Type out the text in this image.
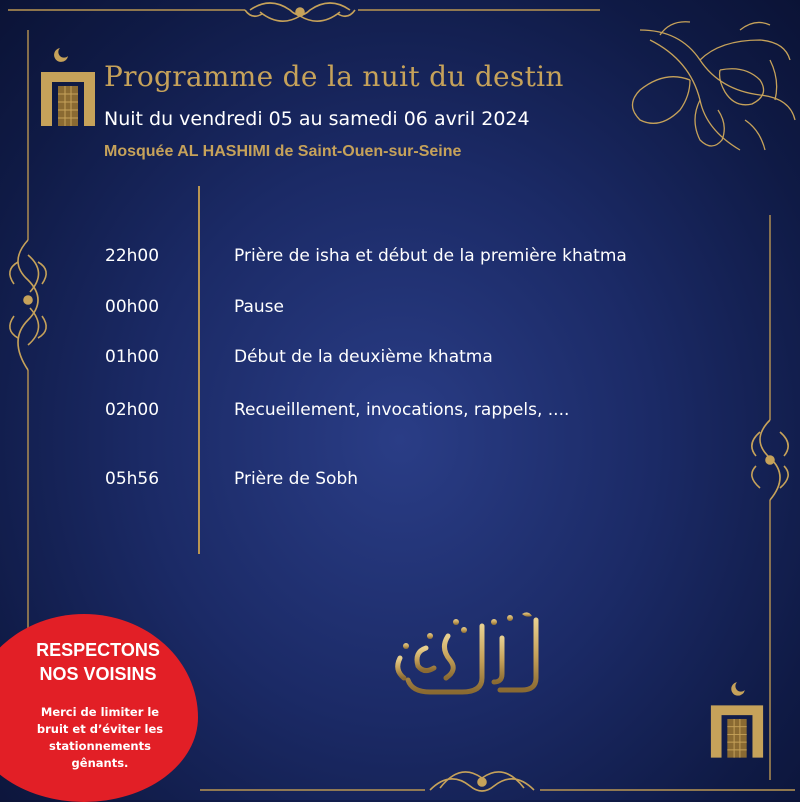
Programme de la nuit du destin
Nuit du vendredi 05 au samedi 06 avril 2024
Mosquée AL HASHIMI de Saint-Ouen-sur-Seine
22h00	Prière de isha et début de la première khatma
00h00	Pause
01h00	Début de la deuxième khatma
02h00	Recueillement, invocations, rappels, ....
05h56	Prière de Sobh
RESPECTONS
NOS VOISINS
Merci de limiter le
bruit et d’éviter les
stationnements
gênants.
